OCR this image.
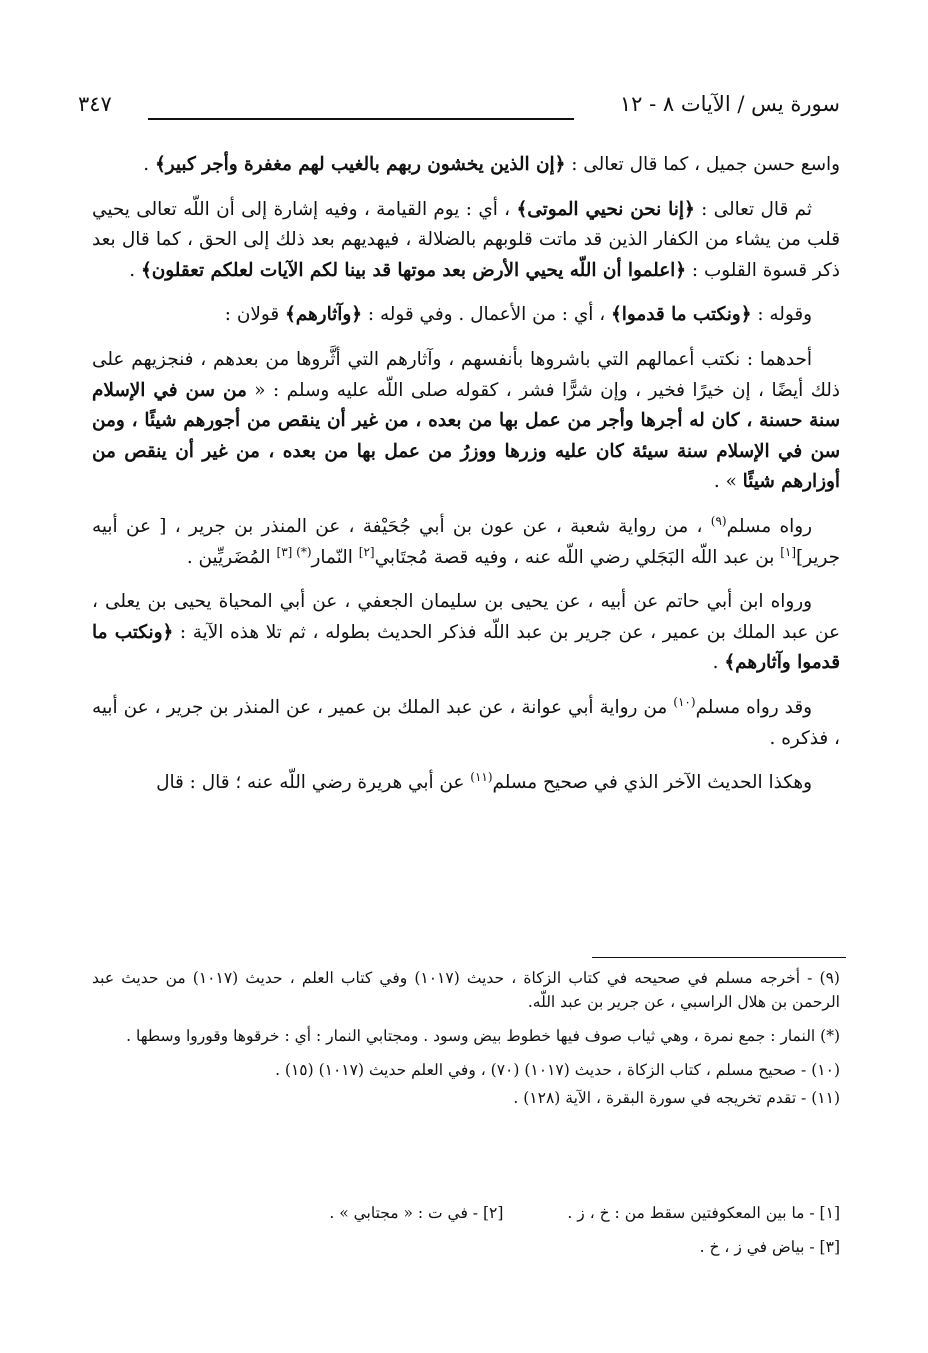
سورة يس / الآيات ٨ - ١٢
٣٤٧

واسع حسن جميل ، كما قال تعالى : ﴿إن الذين يخشون ربهم بالغيب لهم مغفرة وأجر كبير﴾ .

ثم قال تعالى : ﴿إنا نحن نحيي الموتى﴾ ، أي : يوم القيامة ، وفيه إشارة إلى أن اللّه تعالى يحيي قلب من يشاء من الكفار الذين قد ماتت قلوبهم بالضلالة ، فيهديهم بعد ذلك إلى الحق ، كما قال بعد ذكر قسوة القلوب : ﴿اعلموا أن اللّه يحيي الأرض بعد موتها قد بينا لكم الآيات لعلكم تعقلون﴾ .

وقوله : ﴿ونكتب ما قدموا﴾ ، أي : من الأعمال . وفي قوله : ﴿وآثارهم﴾ قولان :

أحدهما : نكتب أعمالهم التي باشروها بأنفسهم ، وآثارهم التي أثَّروها من بعدهم ، فنجزيهم على ذلك أيضًا ، إن خيرًا فخير ، وإن شرًّا فشر ، كقوله صلى اللّه عليه وسلم : « من سن في الإسلام سنة حسنة ، كان له أجرها وأجر من عمل بها من بعده ، من غير أن ينقص من أجورهم شيئًا ، ومن سن في الإسلام سنة سيئة كان عليه وزرها ووزرُ من عمل بها من بعده ، من غير أن ينقص من أوزارهم شيئًا » .

رواه مسلم$^{(٩)}$ ، من رواية شعبة ، عن عون بن أبي جُحَيْفة ، عن المنذر بن جرير ، [ عن أبيه جرير][١] بن عبد اللّه البَجَلي رضي اللّه عنه ، وفيه قصة مُجتَابي[٢] النّمار(*) [٣] المُضَريِّين .

ورواه ابن أبي حاتم عن أبيه ، عن يحيى بن سليمان الجعفي ، عن أبي المحياة يحيى بن يعلى ، عن عبد الملك بن عمير ، عن جرير بن عبد اللّه فذكر الحديث بطوله ، ثم تلا هذه الآية : ﴿ونكتب ما قدموا وآثارهم﴾ .

وقد رواه مسلم$^{(١٠)}$ من رواية أبي عوانة ، عن عبد الملك بن عمير ، عن المنذر بن جرير ، عن أبيه ، فذكره .

وهكذا الحديث الآخر الذي في صحيح مسلم$^{(١١)}$ عن أبي هريرة رضي اللّه عنه ؛ قال : قال

(٩) - أخرجه مسلم في صحيحه في كتاب الزكاة ، حديث (١٠١٧) وفي كتاب العلم ، حديث (١٠١٧) من حديث عبد الرحمن بن هلال الراسبي ، عن جرير بن عبد اللّه.

(*) النمار : جمع نمرة ، وهي ثياب صوف فيها خطوط بيض وسود . ومجتابي النمار : أي : خرقوها وقوروا وسطها .

(١٠) - صحيح مسلم ، كتاب الزكاة ، حديث (١٠١٧) (٧٠) ، وفي العلم حديث (١٠١٧) (١٥) .

(١١) - تقدم تخريجه في سورة البقرة ، الآية (١٢٨) .

[١] - ما بين المعكوفتين سقط من : خ ، ز .[٢] - في ت : « مجتابي » .

[٣] - بياض في ز ، خ .
